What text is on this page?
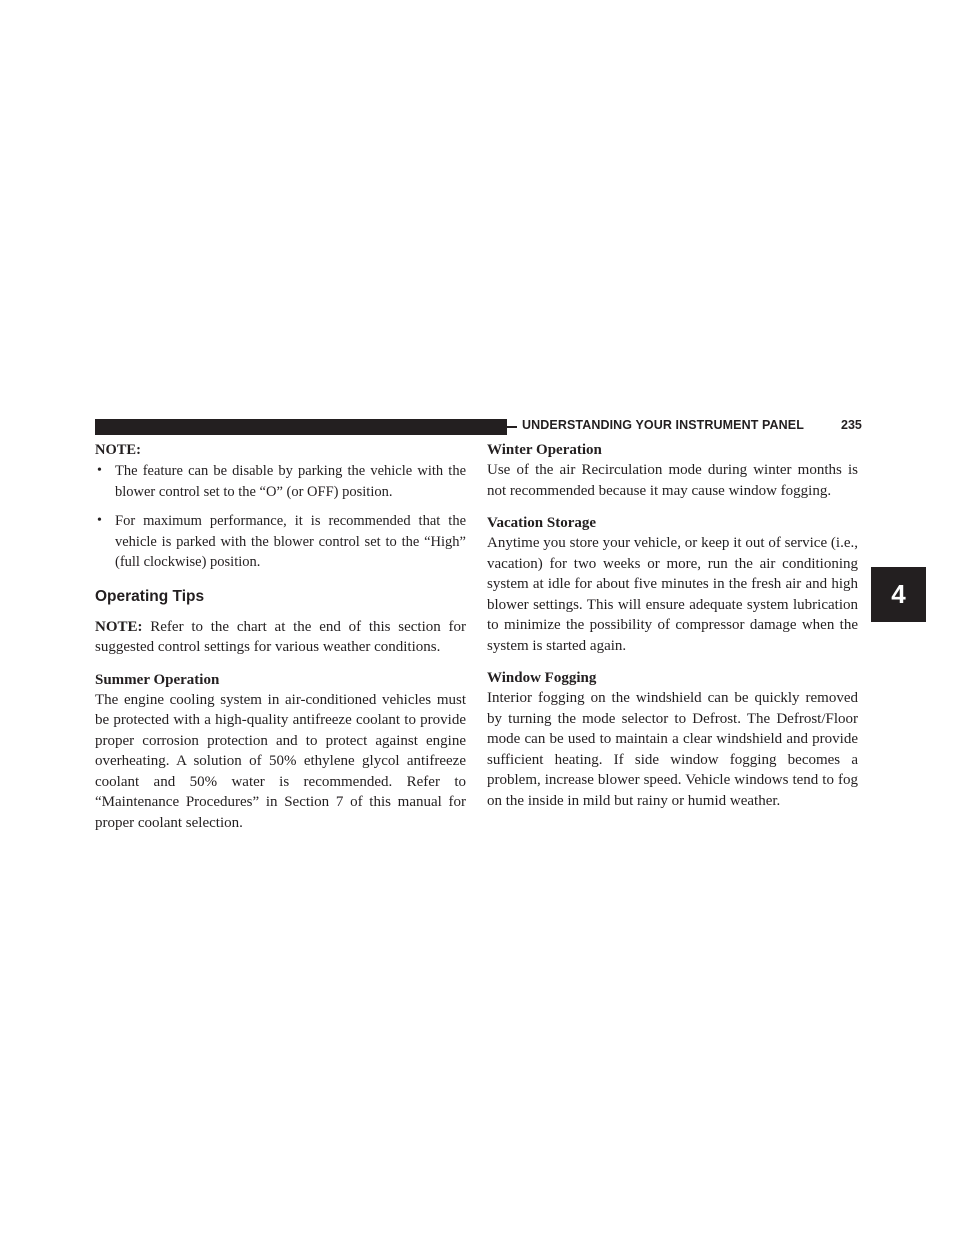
UNDERSTANDING YOUR INSTRUMENT PANEL	235
4

NOTE:

• The feature can be disable by parking the vehicle with the blower control set to the “O” (or OFF) position.
• For maximum performance, it is recommended that the vehicle is parked with the blower control set to the “High” (full clockwise) position.
Operating Tips

NOTE: Refer to the chart at the end of this section for suggested control settings for various weather conditions.

Summer Operation

The engine cooling system in air-conditioned vehicles must be protected with a high-quality antifreeze coolant to provide proper corrosion protection and to protect against engine overheating. A solution of 50% ethylene glycol antifreeze coolant and 50% water is recommended. Refer to “Maintenance Procedures” in Section 7 of this manual for proper coolant selection.

Winter Operation

Use of the air Recirculation mode during winter months is not recommended because it may cause window fogging.

Vacation Storage

Anytime you store your vehicle, or keep it out of service (i.e., vacation) for two weeks or more, run the air conditioning system at idle for about five minutes in the fresh air and high blower settings. This will ensure adequate system lubrication to minimize the possibility of compressor damage when the system is started again.

Window Fogging

Interior fogging on the windshield can be quickly removed by turning the mode selector to Defrost. The Defrost/Floor mode can be used to maintain a clear windshield and provide sufficient heating. If side window fogging becomes a problem, increase blower speed. Vehicle windows tend to fog on the inside in mild but rainy or humid weather.
